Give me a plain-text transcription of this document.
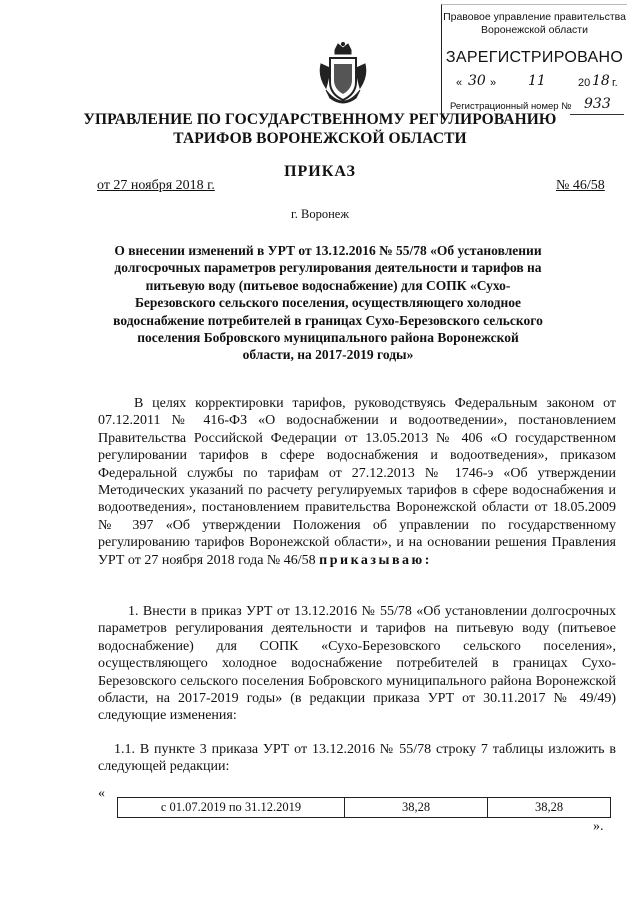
Правовое управление правительства
Воронежской области
ЗАРЕГИСТРИРОВАНО
« 30 » 11	20 18 г.
Регистрационный номер № 933
УПРАВЛЕНИЕ ПО ГОСУДАРСТВЕННОМУ РЕГУЛИРОВАНИЮ
ТАРИФОВ ВОРОНЕЖСКОЙ ОБЛАСТИ
ПРИКАЗ
от 27 ноября 2018 г.	№ 46/58
г. Воронеж
О внесении изменений в УРТ от 13.12.2016 № 55/78 «Об установлении долгосрочных параметров регулирования деятельности и тарифов на питьевую воду (питьевое водоснабжение) для СОПК «Сухо-Березовского сельского поселения, осуществляющего холодное водоснабжение потребителей в границах Сухо-Березовского сельского поселения Бобровского муниципального района Воронежской области, на 2017-2019 годы»

В целях корректировки тарифов, руководствуясь Федеральным законом от 07.12.2011 № 416-ФЗ «О водоснабжении и водоотведении», постановлением Правительства Российской Федерации от 13.05.2013 № 406 «О государственном регулировании тарифов в сфере водоснабжения и водоотведения», приказом Федеральной службы по тарифам от 27.12.2013 № 1746-э «Об утверждении Методических указаний по расчету регулируемых тарифов в сфере водоснабжения и водоотведения», постановлением правительства Воронежской области от 18.05.2009 № 397 «Об утверждении Положения об управлении по государственному регулированию тарифов Воронежской области», и на основании решения Правления УРТ от 27 ноября 2018 года № 46/58 приказываю:

1. Внести в приказ УРТ от 13.12.2016 № 55/78 «Об установлении долгосрочных параметров регулирования деятельности и тарифов на питьевую воду (питьевое водоснабжение) для СОПК «Сухо-Березовского сельского поселения», осуществляющего холодное водоснабжение потребителей в границах Сухо-Березовского сельского поселения Бобровского муниципального района Воронежской области, на 2017-2019 годы» (в редакции приказа УРТ от 30.11.2017 № 49/49) следующие изменения:

1.1. В пункте 3 приказа УРТ от 13.12.2016 № 55/78 строку 7 таблицы изложить в следующей редакции:

«
с 01.07.2019 по 31.12.2019	38,28	38,28
».
